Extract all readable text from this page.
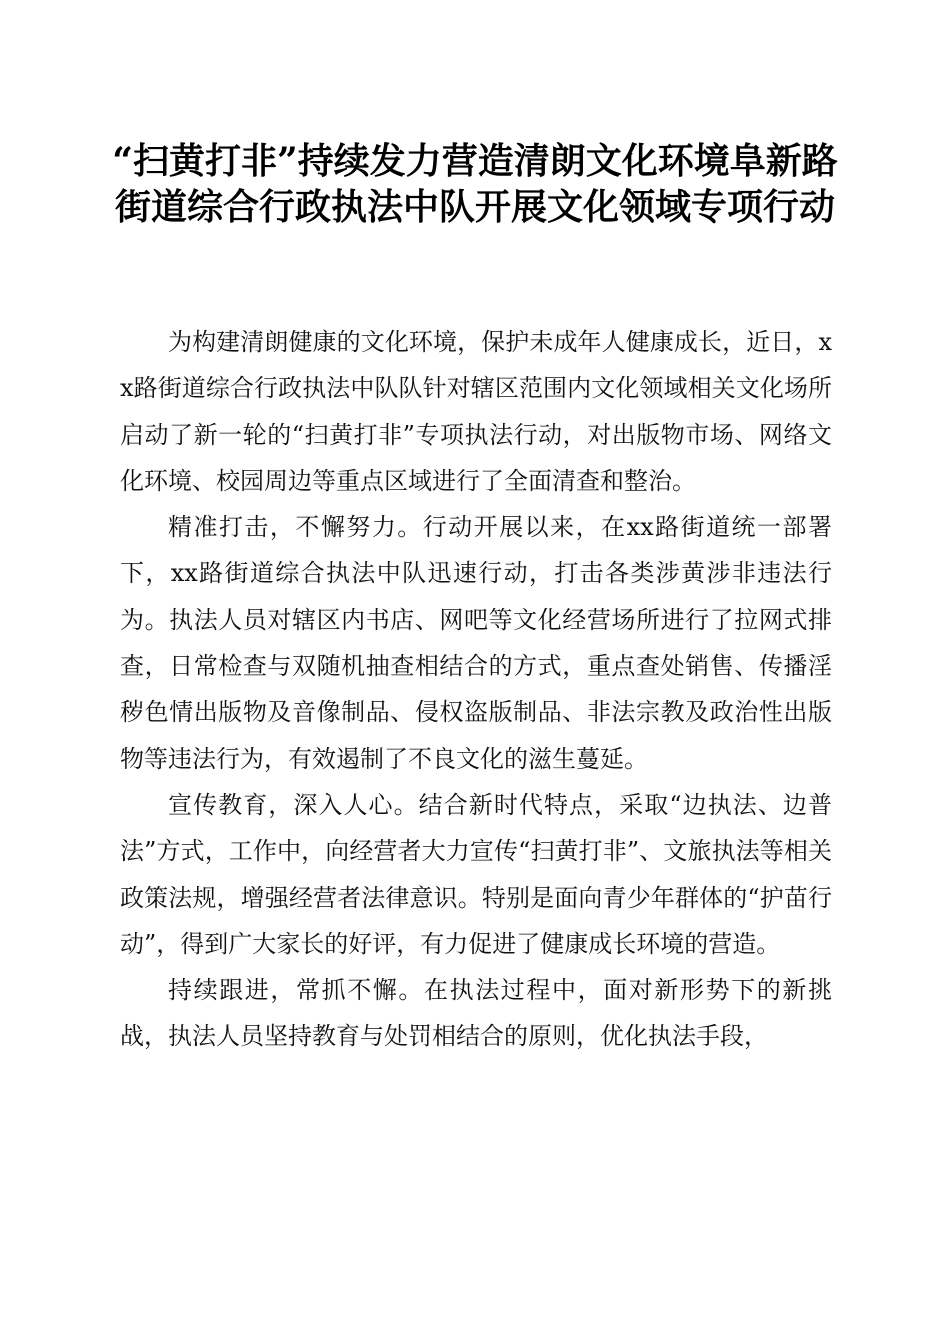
“扫黄打非”持续发力营造清朗文化环境阜新路街道综合行政执法中队开展文化领域专项行动

为构建清朗健康的文化环境，保护未成年人健康成长，近日，xx路街道综合行政执法中队队针对辖区范围内文化领域相关文化场所启动了新一轮的“扫黄打非”专项执法行动，对出版物市场、网络文化环境、校园周边等重点区域进行了全面清查和整治。

精准打击，不懈努力。行动开展以来，在xx路街道统一部署下，xx路街道综合执法中队迅速行动，打击各类涉黄涉非违法行为。执法人员对辖区内书店、网吧等文化经营场所进行了拉网式排查，日常检查与双随机抽查相结合的方式，重点查处销售、传播淫秽色情出版物及音像制品、侵权盗版制品、非法宗教及政治性出版物等违法行为，有效遏制了不良文化的滋生蔓延。

宣传教育，深入人心。结合新时代特点，采取“边执法、边普法”方式，工作中，向经营者大力宣传“扫黄打非”、文旅执法等相关政策法规，增强经营者法律意识。特别是面向青少年群体的“护苗行动”，得到广大家长的好评，有力促进了健康成长环境的营造。

持续跟进，常抓不懈。在执法过程中，面对新形势下的新挑战，执法人员坚持教育与处罚相结合的原则，优化执法手段，
